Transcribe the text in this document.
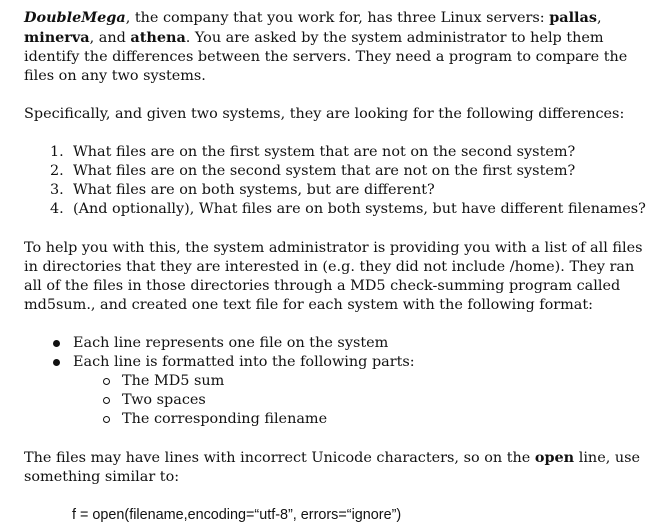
DoubleMega, the company that you work for, has three Linux servers: pallas, minerva, and athena. You are asked by the system administrator to help them identify the differences between the servers. They need a program to compare the files on any two systems.

Specifically, and given two systems, they are looking for the following differences:

1. What files are on the first system that are not on the second system?
2. What files are on the second system that are not on the first system?
3. What files are on both systems, but are different?
4. (And optionally), What files are on both systems, but have different filenames?

To help you with this, the system administrator is providing you with a list of all files in directories that they are interested in (e.g. they did not include /home). They ran all of the files in those directories through a MD5 check-summing program called md5sum., and created one text file for each system with the following format:

Each line represents one file on the system
Each line is formatted into the following parts:
The MD5 sum
Two spaces
The corresponding filename

The files may have lines with incorrect Unicode characters, so on the open line, use something similar to:

f = open(filename,encoding=“utf-8”, errors=“ignore”)
